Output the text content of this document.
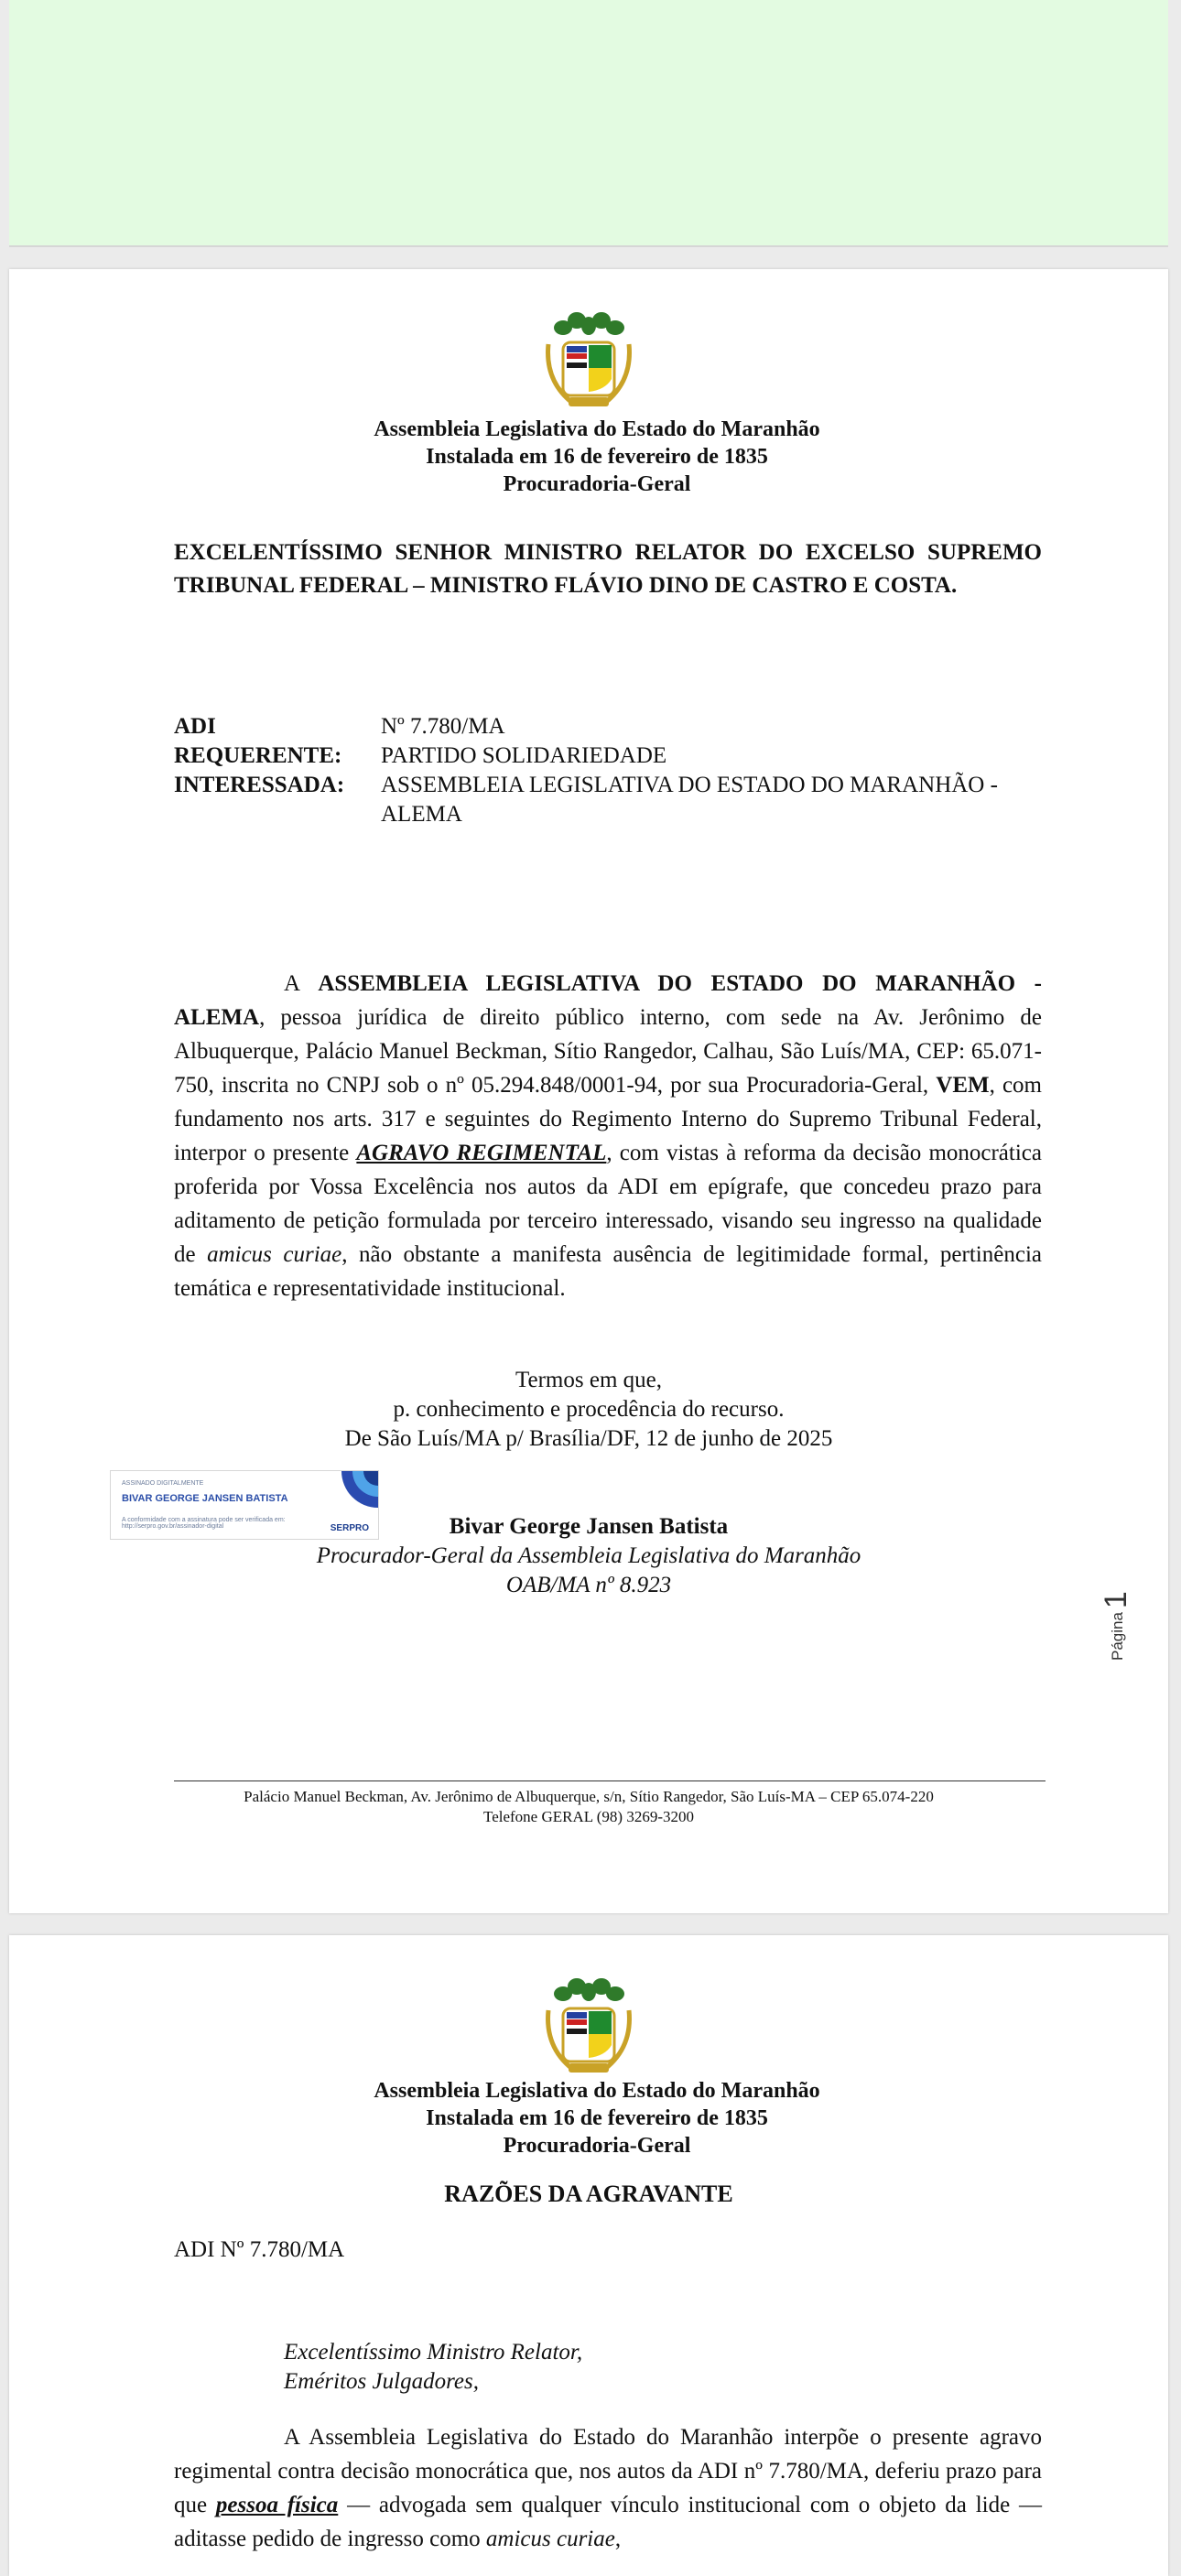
Assembleia Legislativa do Estado do Maranhão
Instalada em 16 de fevereiro de 1835
Procuradoria-Geral
EXCELENTÍSSIMO SENHOR MINISTRO RELATOR DO EXCELSO SUPREMO TRIBUNAL FEDERAL – MINISTRO FLÁVIO DINO DE CASTRO E COSTA.
ADI	Nº 7.780/MA
REQUERENTE:	PARTIDO SOLIDARIEDADE
INTERESSADA:	ASSEMBLEIA LEGISLATIVA DO ESTADO DO MARANHÃO -ALEMA

A ASSEMBLEIA LEGISLATIVA DO ESTADO DO MARANHÃO - ALEMA, pessoa jurídica de direito público interno, com sede na Av. Jerônimo de Albuquerque, Palácio Manuel Beckman, Sítio Rangedor, Calhau, São Luís/MA, CEP: 65.071-750, inscrita no CNPJ sob o nº 05.294.848/0001-94, por sua Procuradoria-Geral, VEM, com fundamento nos arts. 317 e seguintes do Regimento Interno do Supremo Tribunal Federal, interpor o presente AGRAVO REGIMENTAL, com vistas à reforma da decisão monocrática proferida por Vossa Excelência nos autos da ADI em epígrafe, que concedeu prazo para aditamento de petição formulada por terceiro interessado, visando seu ingresso na qualidade de amicus curiae, não obstante a manifesta ausência de legitimidade formal, pertinência temática e representatividade institucional.

Termos em que,
p. conhecimento e procedência do recurso.
De São Luís/MA p/ Brasília/DF, 12 de junho de 2025
ASSINADO DIGITALMENTE
BIVAR GEORGE JANSEN BATISTA
A conformidade com a assinatura pode ser verificada em: http://serpro.gov.br/assinador-digital	SERPRO	Bivar George Jansen Batista
Procurador-Geral da Assembleia Legislativa do Maranhão
OAB/MA nº 8.923
Página1
Palácio Manuel Beckman, Av. Jerônimo de Albuquerque, s/n, Sítio Rangedor, São Luís-MA – CEP 65.074-220
Telefone GERAL (98) 3269-3200
Assembleia Legislativa do Estado do Maranhão
Instalada em 16 de fevereiro de 1835
Procuradoria-Geral
RAZÕES DA AGRAVANTE
ADI Nº 7.780/MA
Excelentíssimo Ministro Relator,
Eméritos Julgadores,

A Assembleia Legislativa do Estado do Maranhão interpõe o presente agravo regimental contra decisão monocrática que, nos autos da ADI nº 7.780/MA, deferiu prazo para que pessoa física — advogada sem qualquer vínculo institucional com o objeto da lide — aditasse pedido de ingresso como amicus curiae,
